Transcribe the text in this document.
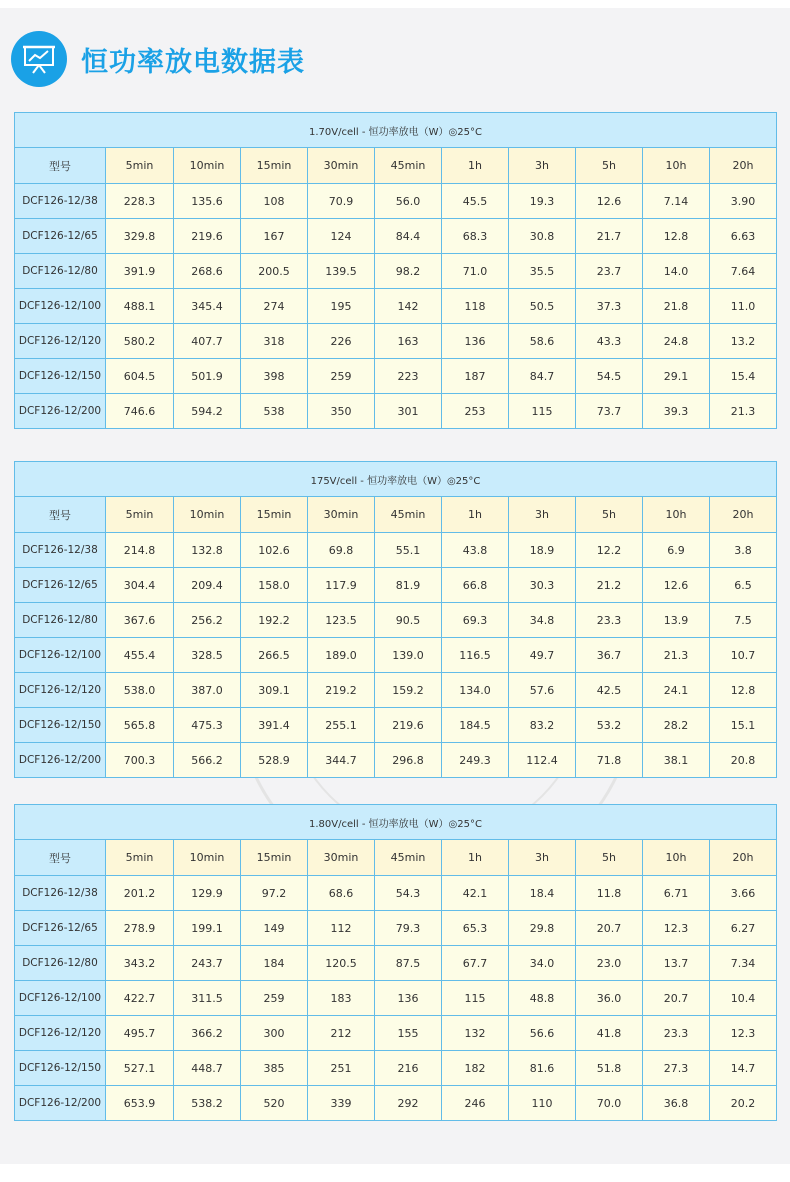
恒功率放电数据表
1.70V/cell - 恒功率放电（W）◎25°C										
型号	5min	10min	15min	30min	45min	1h	3h	5h	10h	20h
DCF126-12/38	228.3	135.6	108	70.9	56.0	45.5	19.3	12.6	7.14	3.90
DCF126-12/65	329.8	219.6	167	124	84.4	68.3	30.8	21.7	12.8	6.63
DCF126-12/80	391.9	268.6	200.5	139.5	98.2	71.0	35.5	23.7	14.0	7.64
DCF126-12/100	488.1	345.4	274	195	142	118	50.5	37.3	21.8	11.0
DCF126-12/120	580.2	407.7	318	226	163	136	58.6	43.3	24.8	13.2
DCF126-12/150	604.5	501.9	398	259	223	187	84.7	54.5	29.1	15.4
DCF126-12/200	746.6	594.2	538	350	301	253	115	73.7	39.3	21.3
175V/cell - 恒功率放电（W）◎25°C										
型号	5min	10min	15min	30min	45min	1h	3h	5h	10h	20h
DCF126-12/38	214.8	132.8	102.6	69.8	55.1	43.8	18.9	12.2	6.9	3.8
DCF126-12/65	304.4	209.4	158.0	117.9	81.9	66.8	30.3	21.2	12.6	6.5
DCF126-12/80	367.6	256.2	192.2	123.5	90.5	69.3	34.8	23.3	13.9	7.5
DCF126-12/100	455.4	328.5	266.5	189.0	139.0	116.5	49.7	36.7	21.3	10.7
DCF126-12/120	538.0	387.0	309.1	219.2	159.2	134.0	57.6	42.5	24.1	12.8
DCF126-12/150	565.8	475.3	391.4	255.1	219.6	184.5	83.2	53.2	28.2	15.1
DCF126-12/200	700.3	566.2	528.9	344.7	296.8	249.3	112.4	71.8	38.1	20.8
1.80V/cell - 恒功率放电（W）◎25°C										
型号	5min	10min	15min	30min	45min	1h	3h	5h	10h	20h
DCF126-12/38	201.2	129.9	97.2	68.6	54.3	42.1	18.4	11.8	6.71	3.66
DCF126-12/65	278.9	199.1	149	112	79.3	65.3	29.8	20.7	12.3	6.27
DCF126-12/80	343.2	243.7	184	120.5	87.5	67.7	34.0	23.0	13.7	7.34
DCF126-12/100	422.7	311.5	259	183	136	115	48.8	36.0	20.7	10.4
DCF126-12/120	495.7	366.2	300	212	155	132	56.6	41.8	23.3	12.3
DCF126-12/150	527.1	448.7	385	251	216	182	81.6	51.8	27.3	14.7
DCF126-12/200	653.9	538.2	520	339	292	246	110	70.0	36.8	20.2
